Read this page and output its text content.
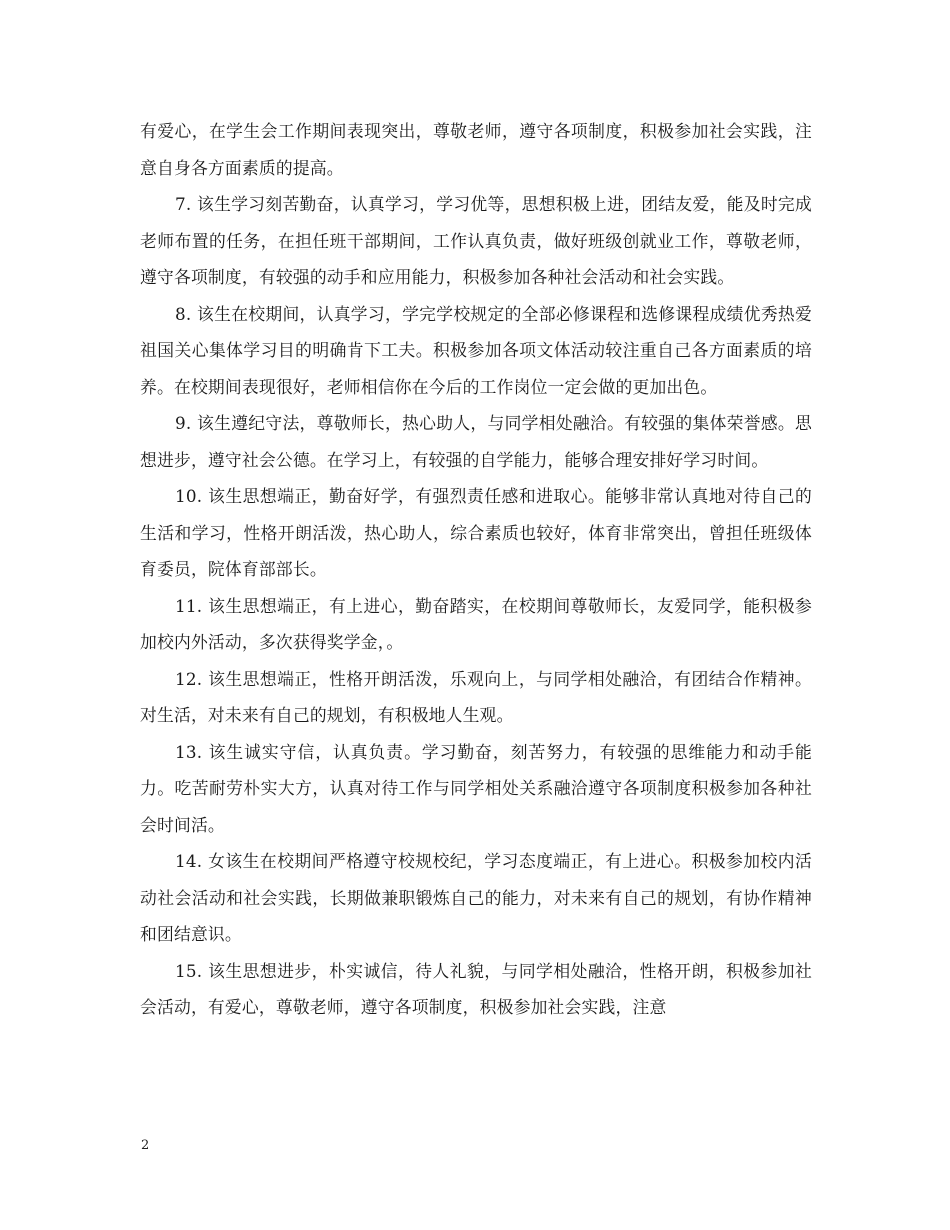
有爱心，在学生会工作期间表现突出，尊敬老师，遵守各项制度，积极参加社会实践，注意自身各方面素质的提高。

7. 该生学习刻苦勤奋，认真学习，学习优等，思想积极上进，团结友爱，能及时完成老师布置的任务，在担任班干部期间，工作认真负责，做好班级创就业工作，尊敬老师，遵守各项制度，有较强的动手和应用能力，积极参加各种社会活动和社会实践。

8. 该生在校期间，认真学习，学完学校规定的全部必修课程和选修课程成绩优秀热爱祖国关心集体学习目的明确肯下工夫。积极参加各项文体活动较注重自己各方面素质的培养。在校期间表现很好，老师相信你在今后的工作岗位一定会做的更加出色。

9. 该生遵纪守法，尊敬师长，热心助人，与同学相处融洽。有较强的集体荣誉感。思想进步，遵守社会公德。在学习上，有较强的自学能力，能够合理安排好学习时间。

10. 该生思想端正，勤奋好学，有强烈责任感和进取心。能够非常认真地对待自己的生活和学习，性格开朗活泼，热心助人，综合素质也较好，体育非常突出，曾担任班级体育委员，院体育部部长。

11. 该生思想端正，有上进心，勤奋踏实，在校期间尊敬师长，友爱同学，能积极参加校内外活动，多次获得奖学金，。

12. 该生思想端正，性格开朗活泼，乐观向上，与同学相处融洽，有团结合作精神。对生活，对未来有自己的规划，有积极地人生观。

13. 该生诚实守信，认真负责。学习勤奋，刻苦努力，有较强的思维能力和动手能力。吃苦耐劳朴实大方，认真对待工作与同学相处关系融洽遵守各项制度积极参加各种社会时间活。

14. 女该生在校期间严格遵守校规校纪，学习态度端正，有上进心。积极参加校内活动社会活动和社会实践，长期做兼职锻炼自己的能力，对未来有自己的规划，有协作精神和团结意识。

15. 该生思想进步，朴实诚信，待人礼貌，与同学相处融洽，性格开朗，积极参加社会活动，有爱心，尊敬老师，遵守各项制度，积极参加社会实践，注意

2
